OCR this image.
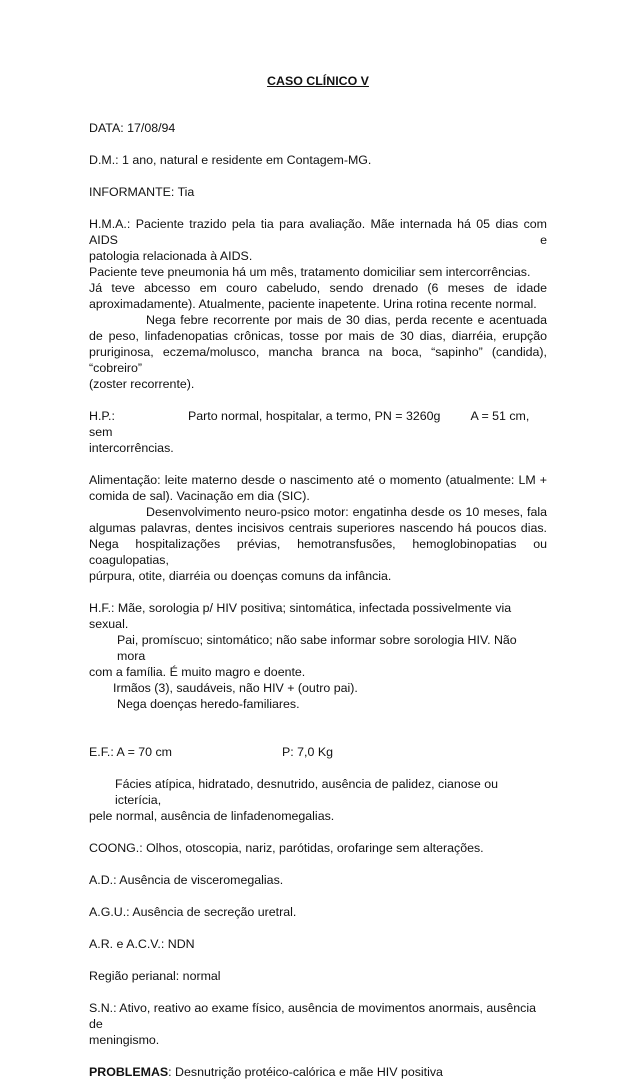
CASO CLÍNICO V

DATA: 17/08/94

D.M.: 1 ano, natural e residente em Contagem-MG.

INFORMANTE: Tia

H.M.A.: Paciente trazido pela tia para avaliação. Mãe internada há 05 dias com AIDS e

patologia relacionada à AIDS.

Paciente teve pneumonia há um mês, tratamento domiciliar sem intercorrências.

Já teve abcesso em couro cabeludo, sendo drenado (6 meses de idade

aproximadamente). Atualmente, paciente inapetente. Urina rotina recente normal.

Nega febre recorrente por mais de 30 dias, perda recente e acentuada

de peso, linfadenopatias crônicas, tosse por mais de 30 dias, diarréia, erupção

pruriginosa, eczema/molusco, mancha branca na boca, “sapinho” (candida), “cobreiro”

(zoster recorrente).

H.P.:	Parto normal, hospitalar, a termo, PN = 3260g A = 51 cm, sem

intercorrências.

Alimentação: leite materno desde o nascimento até o momento (atualmente: LM +

comida de sal). Vacinação em dia (SIC).

Desenvolvimento neuro-psico motor: engatinha desde os 10 meses, fala

algumas palavras, dentes incisivos centrais superiores nascendo há poucos dias.

Nega hospitalizações prévias, hemotransfusões, hemoglobinopatias ou coagulopatias,

púrpura, otite, diarréia ou doenças comuns da infância.

H.F.: Mãe, sorologia p/ HIV positiva; sintomática, infectada possivelmente via sexual.

Pai, promíscuo; sintomático; não sabe informar sobre sorologia HIV. Não mora

com a família. É muito magro e doente.

Irmãos (3), saudáveis, não HIV + (outro pai).

Nega doenças heredo-familiares.

E.F.: A = 70 cm	P: 7,0 Kg

Fácies atípica, hidratado, desnutrido, ausência de palidez, cianose ou icterícia,

pele normal, ausência de linfadenomegalias.

COONG.: Olhos, otoscopia, nariz, parótidas, orofaringe sem alterações.

A.D.: Ausência de visceromegalias.

A.G.U.: Ausência de secreção uretral.

A.R. e A.C.V.: NDN

Região perianal: normal

S.N.: Ativo, reativo ao exame físico, ausência de movimentos anormais, ausência de

meningismo.

PROBLEMAS: Desnutrição protéico-calórica e mãe HIV positiva
